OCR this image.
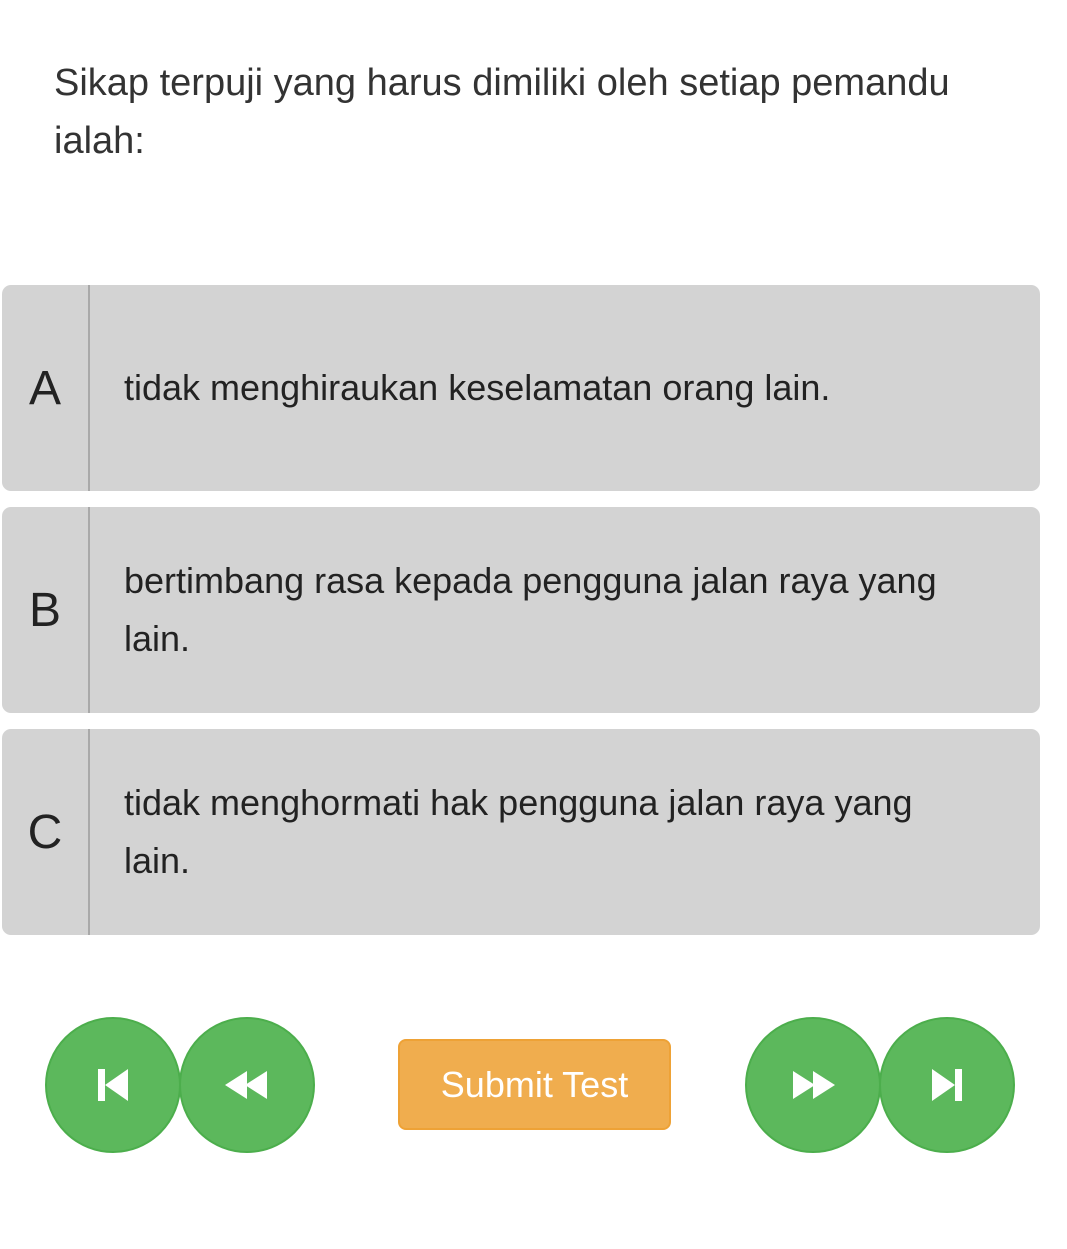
Sikap terpuji yang harus dimiliki oleh setiap pemandu ialah:
A	tidak menghiraukan keselamatan orang lain.
B
bertimbang rasa kepada pengguna jalan raya yang lain.
C
tidak menghormati hak pengguna jalan raya yang lain.
Submit Test
